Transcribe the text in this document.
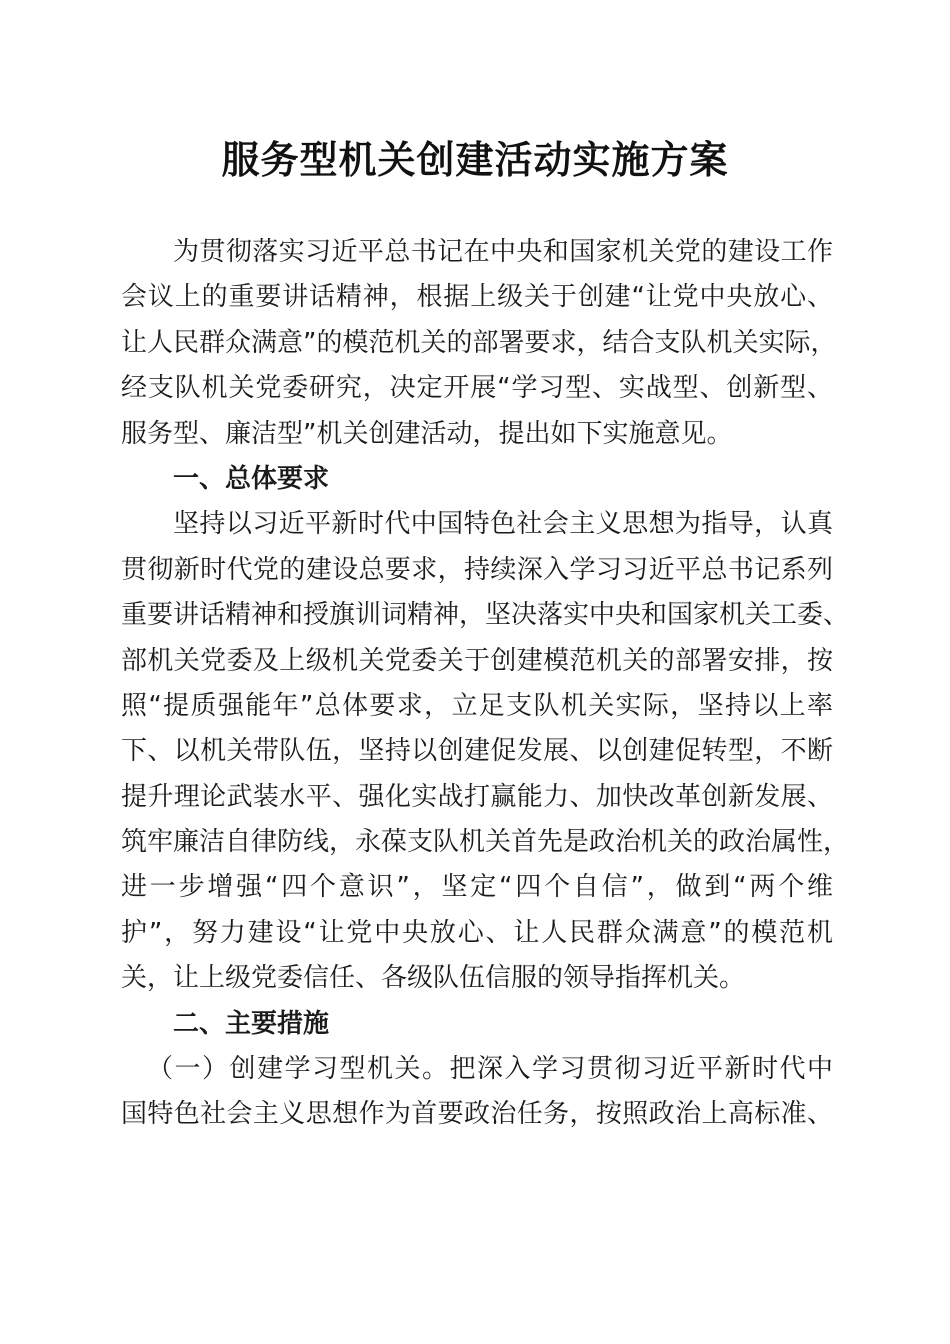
服务型机关创建活动实施方案
为贯彻落实习近平总书记在中央和国家机关党的建设工作
会议上的重要讲话精神，根据上级关于创建“让党中央放心、
让人民群众满意”的模范机关的部署要求，结合支队机关实际，
经支队机关党委研究，决定开展“学习型、实战型、创新型、
服务型、廉洁型”机关创建活动，提出如下实施意见。
一、总体要求
坚持以习近平新时代中国特色社会主义思想为指导，认真
贯彻新时代党的建设总要求，持续深入学习习近平总书记系列
重要讲话精神和授旗训词精神，坚决落实中央和国家机关工委、
部机关党委及上级机关党委关于创建模范机关的部署安排，按
照“提质强能年”总体要求，立足支队机关实际，坚持以上率
下、以机关带队伍，坚持以创建促发展、以创建促转型，不断
提升理论武装水平、强化实战打赢能力、加快改革创新发展、
筑牢廉洁自律防线，永葆支队机关首先是政治机关的政治属性，
进一步增强“四个意识”，坚定“四个自信”，做到“两个维
护”，努力建设“让党中央放心、让人民群众满意”的模范机
关，让上级党委信任、各级队伍信服的领导指挥机关。
二、主要措施
（一）创建学习型机关。把深入学习贯彻习近平新时代中
国特色社会主义思想作为首要政治任务，按照政治上高标准、
